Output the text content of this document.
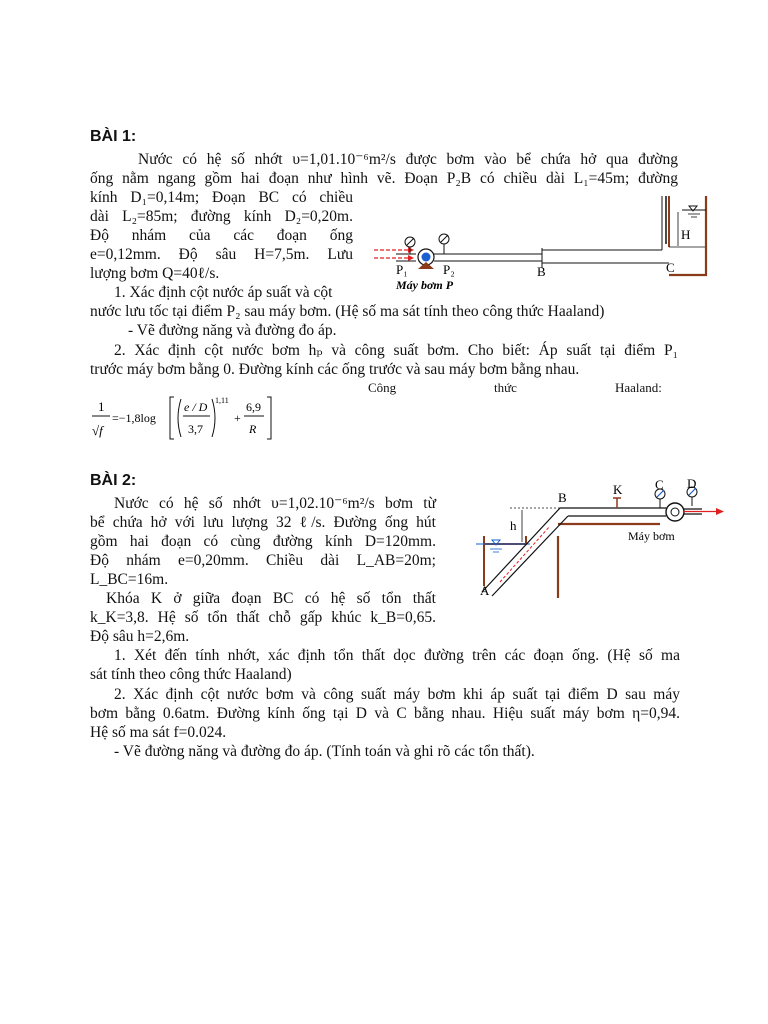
BÀI 1:
Nước có hệ số nhớt υ=1,01.10⁻⁶m²/s được bơm vào bể chứa hở qua đường
ống nằm ngang gồm hai đoạn như hình vẽ. Đoạn P₂B có chiều dài L₁=45m; đường
kính D₁=0,14m; Đoạn BC có chiều
dài L₂=85m; đường kính D₂=0,20m.
Độ nhám của các đoạn ống
e=0,12mm. Độ sâu H=7,5m. Lưu
lượng bơm Q=40ℓ/s.
1. Xác định cột nước áp suất và cột
nước lưu tốc tại điểm P₂ sau máy bơm. (Hệ số ma sát tính theo công thức Haaland)
- Vẽ đường năng và đường đo áp.
2. Xác định cột nước bơm hₚ và công suất bơm. Cho biết: Áp suất tại điểm P₁
trước máy bơm bằng 0. Đường kính các ống trước và sau máy bơm bằng nhau.
Công	thức	Haaland:
1
√f
=−1,8log
e / D
3,7
1,11
+
6,9
R
H
C
B
P₁	P₂
Máy bơm P
BÀI 2:
Nước có hệ số nhớt υ=1,02.10⁻⁶m²/s bơm từ
bể chứa hở với lưu lượng 32 ℓ/s. Đường ống hút
gồm hai đoạn có cùng đường kính D=120mm.
Độ nhám e=0,20mm. Chiều dài L_AB=20m;
L_BC=16m.
Khóa K ở giữa đoạn BC có hệ số tổn thất
k_K=3,8. Hệ số tổn thất chỗ gấp khúc k_B=0,65.
Độ sâu h=2,6m.
1. Xét đến tính nhớt, xác định tổn thất dọc đường trên các đoạn ống. (Hệ số ma
sát tính theo công thức Haaland)
2. Xác định cột nước bơm và công suất máy bơm khi áp suất tại điểm D sau máy
bơm bằng 0.6atm. Đường kính ống tại D và C bằng nhau. Hiệu suất máy bơm η=0,94.
Hệ số ma sát f=0.024.
- Vẽ đường năng và đường đo áp. (Tính toán và ghi rõ các tổn thất).
h
B
K	C D
A
Máy bơm
